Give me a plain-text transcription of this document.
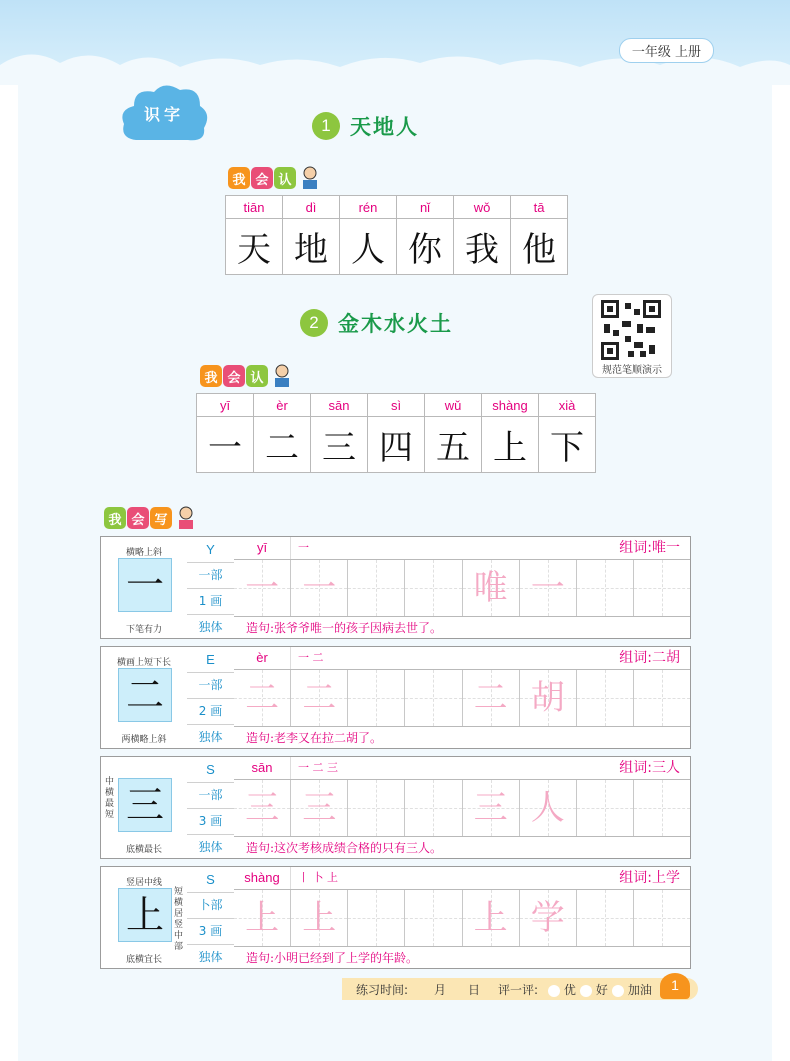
一年级 上册
识字
1 天地人
我 会 认
tiān	dì	rén	nǐ	wǒ	tā
天	地	人	你	我	他
2 金木水火土
规范笔顺演示
我 会 认
yī	èr	sān	sì	wǔ	shàng	xià
一	二	三	四	五	上	下
我 会 写
横略上斜
一
下笔有力
Y
一部
1 画
独体
yī	一	组词:唯一
一 一	唯 一
造句:张爷爷唯一的孩子因病去世了。
横画上短下长
二
两横略上斜
E
一部
2 画
独体
èr	一 二	组词:二胡
二 二	二 胡
造句:老李又在拉二胡了。
中横最短 三
底横最长
S
一部
3 画
独体
sān	一 二 三	组词:三人
三 三	三 人
造句:这次考核成绩合格的只有三人。
竖居中线
上
短横居竖中部
底横宜长
S
卜部
3 画
独体
shàng	丨 卜 上	组词:上学
上 上	上 学
造句:小明已经到了上学的年龄。
练习时间: 月 日 评一评:	优	好	加油	1
